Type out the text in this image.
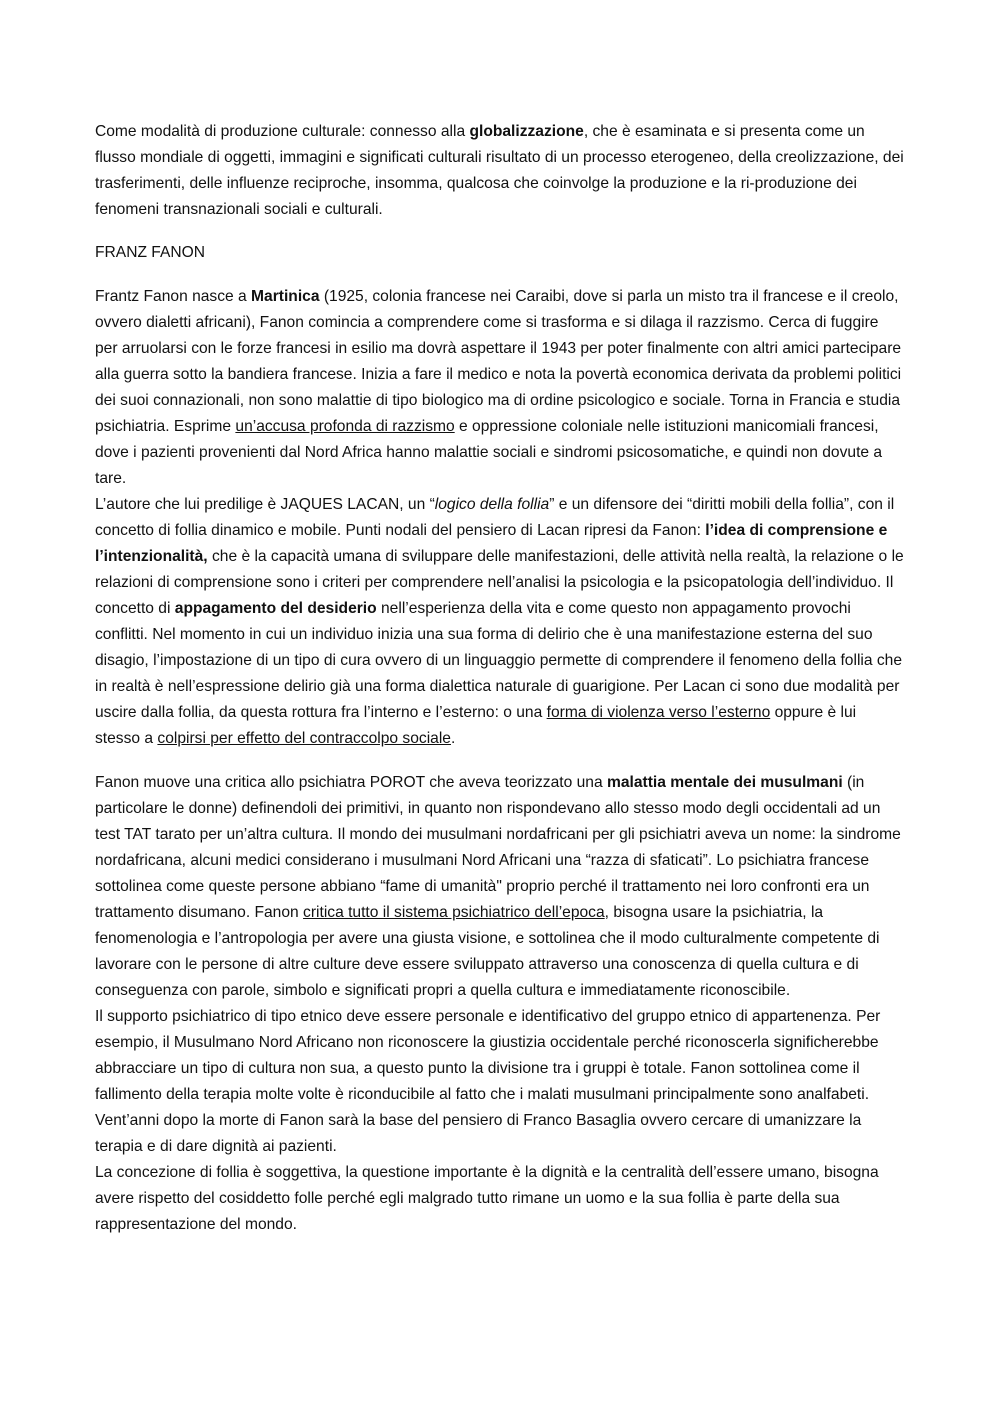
Come modalità di produzione culturale: connesso alla globalizzazione, che è esaminata e si presenta come un flusso mondiale di oggetti, immagini e significati culturali risultato di un processo eterogeneo, della creolizzazione, dei trasferimenti, delle influenze reciproche, insomma, qualcosa che coinvolge la produzione e la ri-produzione dei fenomeni transnazionali sociali e culturali.

FRANZ FANON

Frantz Fanon nasce a Martinica (1925, colonia francese nei Caraibi, dove si parla un misto tra il francese e il creolo, ovvero dialetti africani), Fanon comincia a comprendere come si trasforma e si dilaga il razzismo. Cerca di fuggire per arruolarsi con le forze francesi in esilio ma dovrà aspettare il 1943 per poter finalmente con altri amici partecipare alla guerra sotto la bandiera francese. Inizia a fare il medico e nota la povertà economica derivata da problemi politici dei suoi connazionali, non sono malattie di tipo biologico ma di ordine psicologico e sociale. Torna in Francia e studia psichiatria. Esprime un’accusa profonda di razzismo e oppressione coloniale nelle istituzioni manicomiali francesi, dove i pazienti provenienti dal Nord Africa hanno malattie sociali e sindromi psicosomatiche, e quindi non dovute a tare.

L’autore che lui predilige è JAQUES LACAN, un “logico della follia” e un difensore dei “diritti mobili della follia”, con il concetto di follia dinamico e mobile. Punti nodali del pensiero di Lacan ripresi da Fanon: l’idea di comprensione e l’intenzionalità, che è la capacità umana di sviluppare delle manifestazioni, delle attività nella realtà, la relazione o le relazioni di comprensione sono i criteri per comprendere nell’analisi la psicologia e la psicopatologia dell’individuo. Il concetto di appagamento del desiderio nell’esperienza della vita e come questo non appagamento provochi conflitti. Nel momento in cui un individuo inizia una sua forma di delirio che è una manifestazione esterna del suo disagio, l’impostazione di un tipo di cura ovvero di un linguaggio permette di comprendere il fenomeno della follia che in realtà è nell’espressione delirio già una forma dialettica naturale di guarigione. Per Lacan ci sono due modalità per uscire dalla follia, da questa rottura fra l’interno e l’esterno: o una forma di violenza verso l’esterno oppure è lui stesso a colpirsi per effetto del contraccolpo sociale.

Fanon muove una critica allo psichiatra POROT che aveva teorizzato una malattia mentale dei musulmani (in particolare le donne) definendoli dei primitivi, in quanto non rispondevano allo stesso modo degli occidentali ad un test TAT tarato per un’altra cultura. Il mondo dei musulmani nordafricani per gli psichiatri aveva un nome: la sindrome nordafricana, alcuni medici considerano i musulmani Nord Africani una “razza di sfaticati”. Lo psichiatra francese sottolinea come queste persone abbiano “fame di umanità" proprio perché il trattamento nei loro confronti era un trattamento disumano. Fanon critica tutto il sistema psichiatrico dell’epoca, bisogna usare la psichiatria, la fenomenologia e l’antropologia per avere una giusta visione, e sottolinea che il modo culturalmente competente di lavorare con le persone di altre culture deve essere sviluppato attraverso una conoscenza di quella cultura e di conseguenza con parole, simbolo e significati propri a quella cultura e immediatamente riconoscibile.

Il supporto psichiatrico di tipo etnico deve essere personale e identificativo del gruppo etnico di appartenenza. Per esempio, il Musulmano Nord Africano non riconoscere la giustizia occidentale perché riconoscerla significherebbe abbracciare un tipo di cultura non sua, a questo punto la divisione tra i gruppi è totale. Fanon sottolinea come il fallimento della terapia molte volte è riconducibile al fatto che i malati musulmani principalmente sono analfabeti.

Vent’anni dopo la morte di Fanon sarà la base del pensiero di Franco Basaglia ovvero cercare di umanizzare la terapia e di dare dignità ai pazienti.

La concezione di follia è soggettiva, la questione importante è la dignità e la centralità dell’essere umano, bisogna avere rispetto del cosiddetto folle perché egli malgrado tutto rimane un uomo e la sua follia è parte della sua rappresentazione del mondo.
